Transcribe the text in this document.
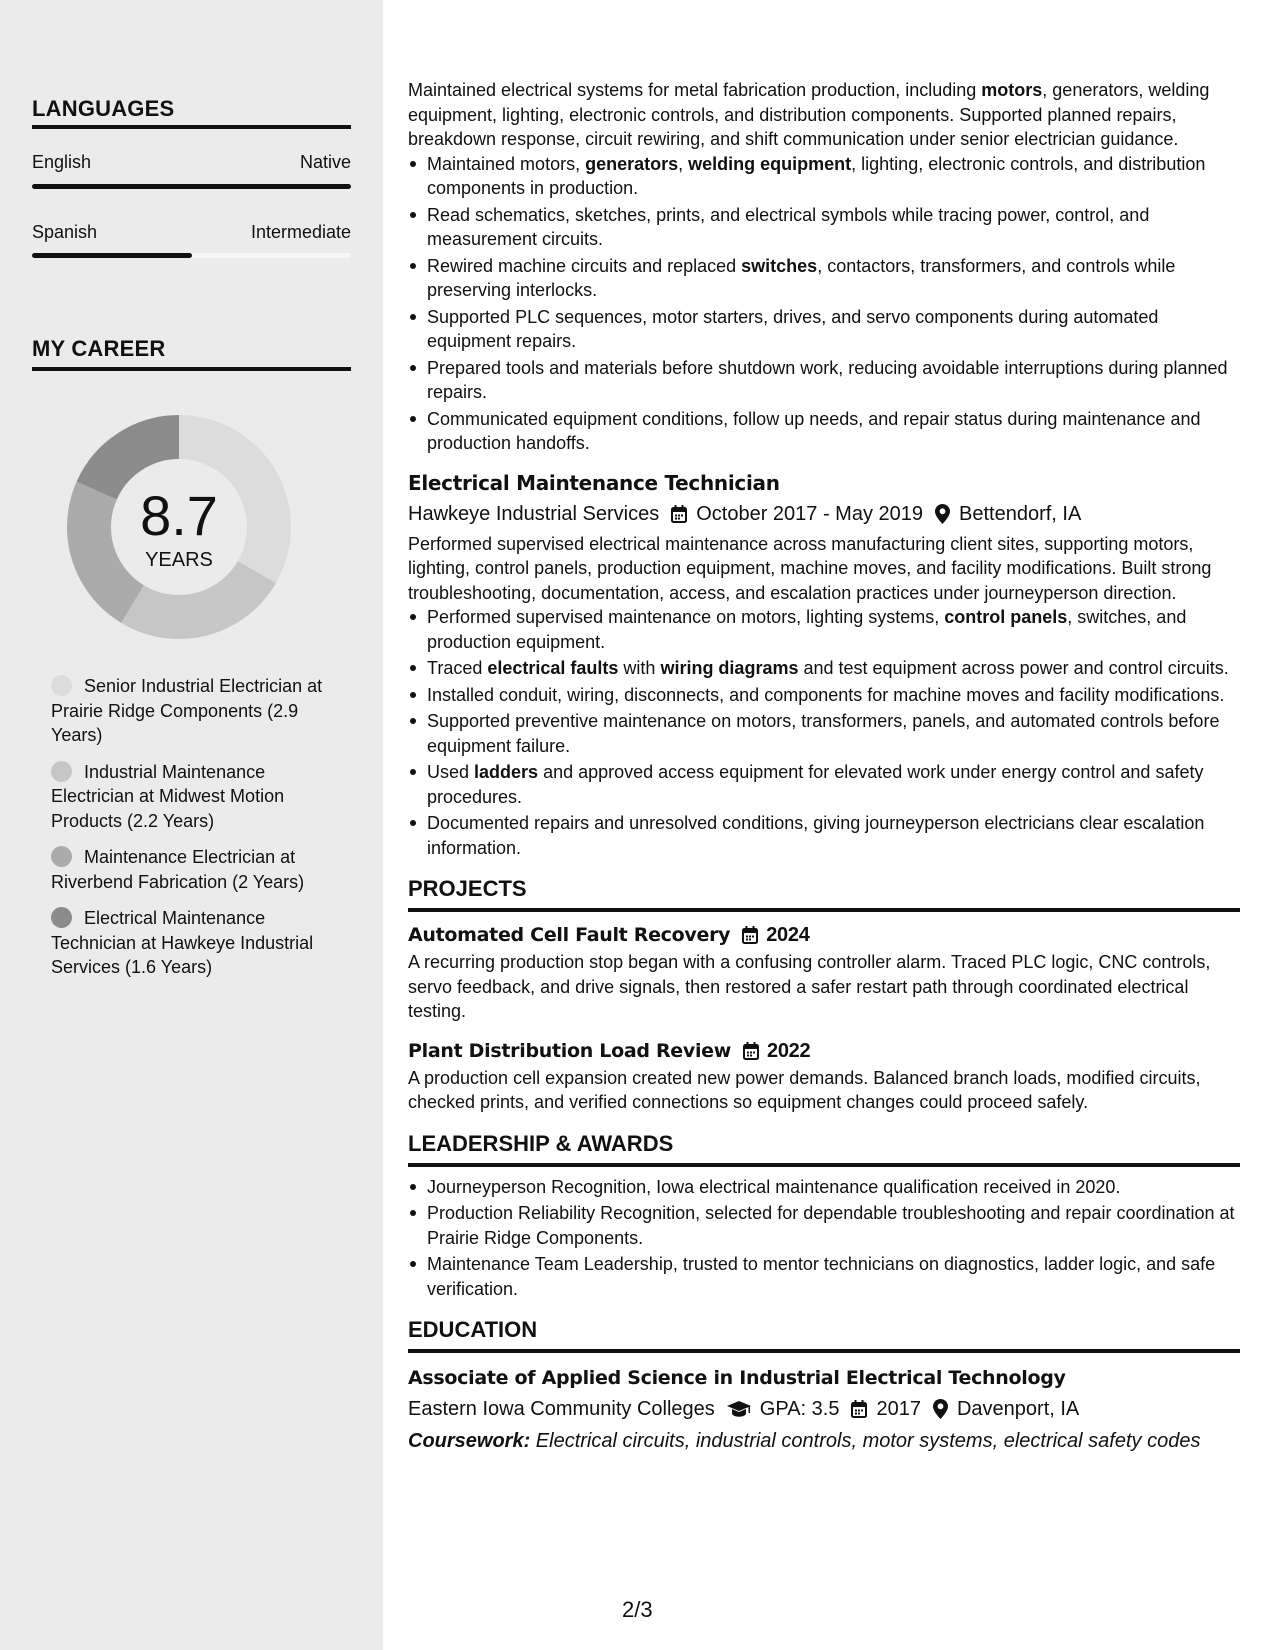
LANGUAGES
English	Native
Spanish	Intermediate
MY CAREER
8.7
YEARS
Senior Industrial Electrician at Prairie Ridge Components (2.9 Years)
Industrial Maintenance Electrician at Midwest Motion Products (2.2 Years)
Maintenance Electrician at Riverbend Fabrication (2 Years)
Electrical Maintenance Technician at Hawkeye Industrial Services (1.6 Years)

Maintained electrical systems for metal fabrication production, including motors, generators, welding equipment, lighting, electronic controls, and distribution components. Supported planned repairs, breakdown response, circuit rewiring, and shift communication under senior electrician guidance.

Maintained motors, generators, welding equipment, lighting, electronic controls, and distribution components in production.
Read schematics, sketches, prints, and electrical symbols while tracing power, control, and measurement circuits.
Rewired machine circuits and replaced switches, contactors, transformers, and controls while preserving interlocks.
Supported PLC sequences, motor starters, drives, and servo components during automated equipment repairs.
Prepared tools and materials before shutdown work, reducing avoidable interruptions during planned repairs.
Communicated equipment conditions, follow up needs, and repair status during maintenance and production handoffs.
Electrical Maintenance Technician
Hawkeye Industrial Services October 2017 - May 2019 Bettendorf, IA

Performed supervised electrical maintenance across manufacturing client sites, supporting motors, lighting, control panels, production equipment, machine moves, and facility modifications. Built strong troubleshooting, documentation, access, and escalation practices under journeyperson direction.

Performed supervised maintenance on motors, lighting systems, control panels, switches, and production equipment.
Traced electrical faults with wiring diagrams and test equipment across power and control circuits.
Installed conduit, wiring, disconnects, and components for machine moves and facility modifications.
Supported preventive maintenance on motors, transformers, panels, and automated controls before equipment failure.
Used ladders and approved access equipment for elevated work under energy control and safety procedures.
Documented repairs and unresolved conditions, giving journeyperson electricians clear escalation information.
PROJECTS
Automated Cell Fault Recovery 2024

A recurring production stop began with a confusing controller alarm. Traced PLC logic, CNC controls, servo feedback, and drive signals, then restored a safer restart path through coordinated electrical testing.

Plant Distribution Load Review 2022

A production cell expansion created new power demands. Balanced branch loads, modified circuits, checked prints, and verified connections so equipment changes could proceed safely.

LEADERSHIP & AWARDS
Journeyperson Recognition, Iowa electrical maintenance qualification received in 2020.
Production Reliability Recognition, selected for dependable troubleshooting and repair coordination at Prairie Ridge Components.
Maintenance Team Leadership, trusted to mentor technicians on diagnostics, ladder logic, and safe verification.
EDUCATION
Associate of Applied Science in Industrial Electrical Technology
Eastern Iowa Community Colleges GPA: 3.5 2017 Davenport, IA
Coursework: Electrical circuits, industrial controls, motor systems, electrical safety codes
2/3
